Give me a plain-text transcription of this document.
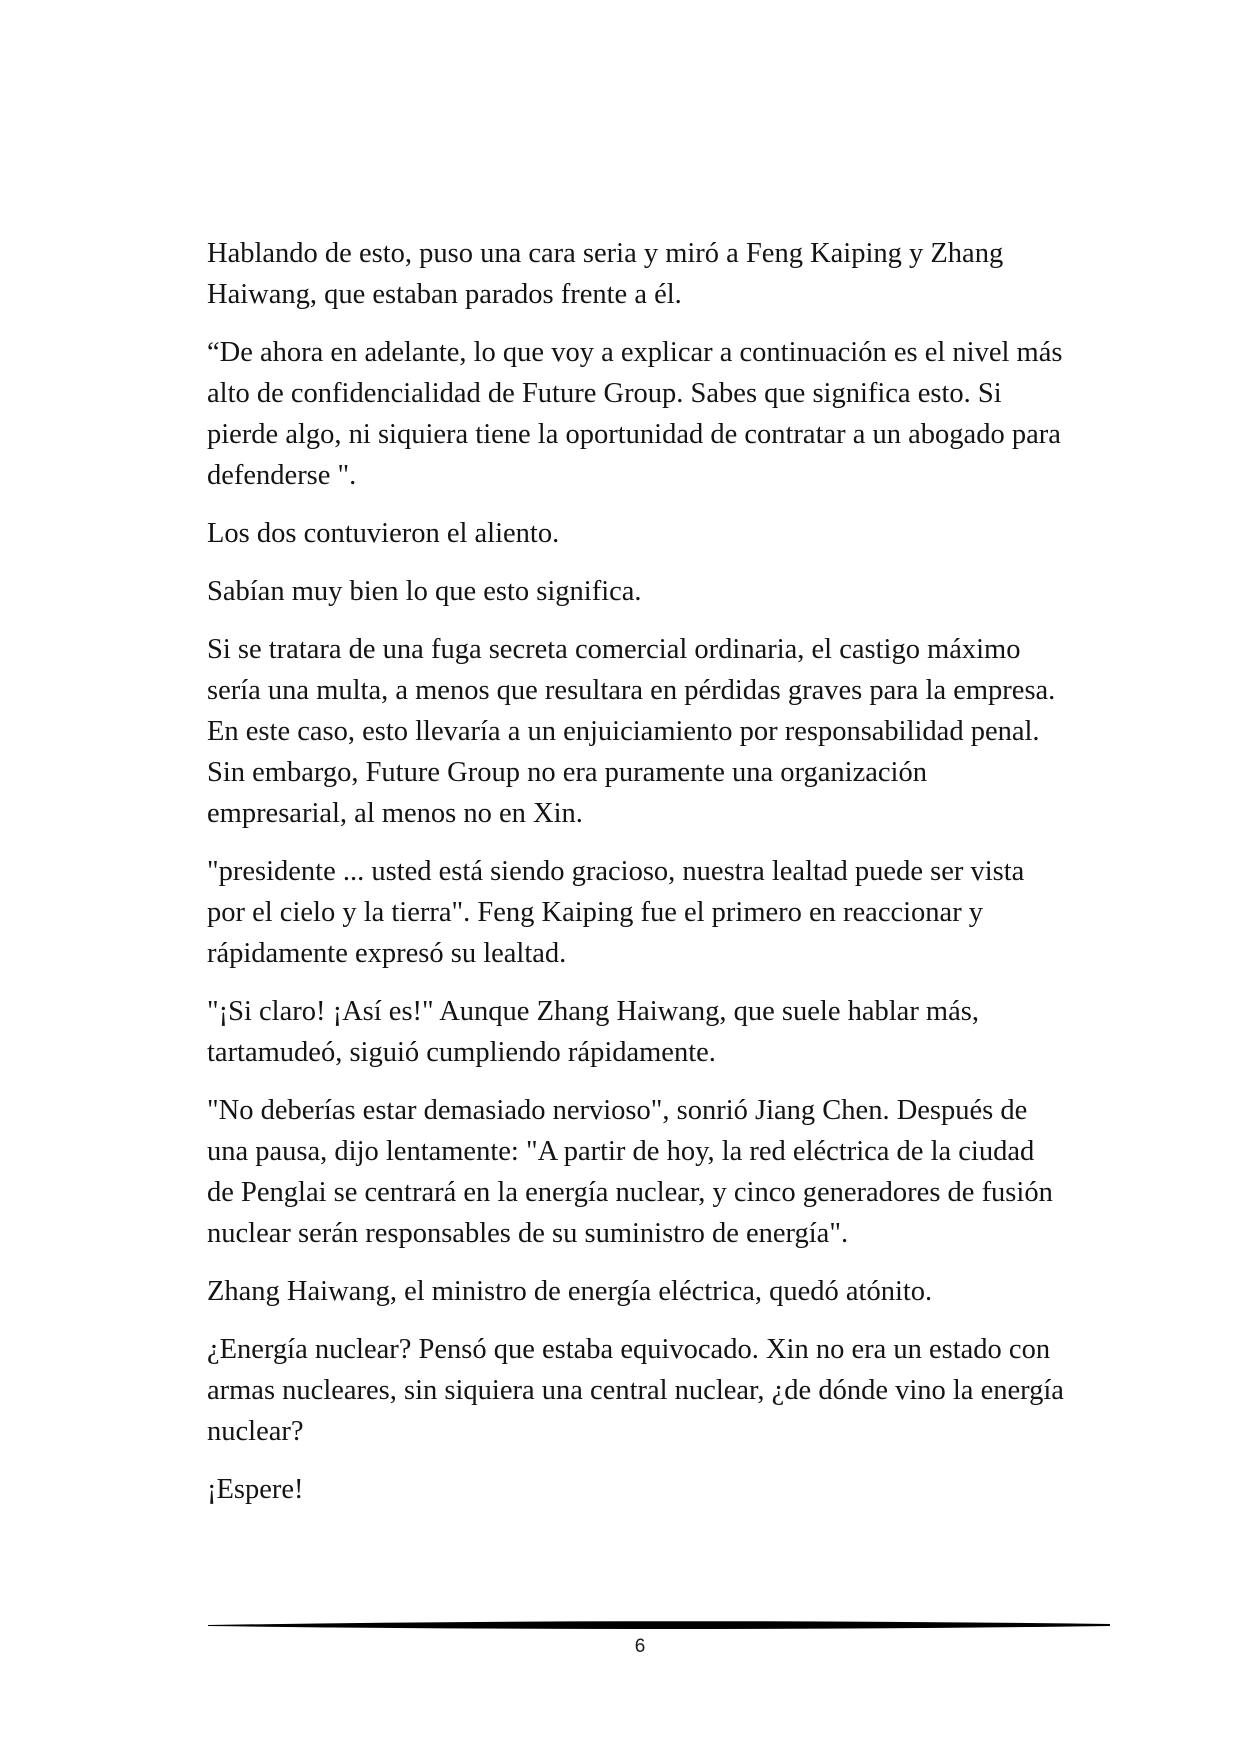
Hablando de esto, puso una cara seria y miró a Feng Kaiping y Zhang Haiwang, que estaban parados frente a él.

“De ahora en adelante, lo que voy a explicar a continuación es el nivel más alto de confidencialidad de Future Group. Sabes que significa esto. Si pierde algo, ni siquiera tiene la oportunidad de contratar a un abogado para defenderse ".

Los dos contuvieron el aliento.

Sabían muy bien lo que esto significa.

Si se tratara de una fuga secreta comercial ordinaria, el castigo máximo sería una multa, a menos que resultara en pérdidas graves para la empresa. En este caso, esto llevaría a un enjuiciamiento por responsabilidad penal. Sin embargo, Future Group no era puramente una organización empresarial, al menos no en Xin.

"presidente ... usted está siendo gracioso, nuestra lealtad puede ser vista por el cielo y la tierra". Feng Kaiping fue el primero en reaccionar y rápidamente expresó su lealtad.

"¡Si claro! ¡Así es!" Aunque Zhang Haiwang, que suele hablar más, tartamudeó, siguió cumpliendo rápidamente.

"No deberías estar demasiado nervioso", sonrió Jiang Chen. Después de una pausa, dijo lentamente: "A partir de hoy, la red eléctrica de la ciudad de Penglai se centrará en la energía nuclear, y cinco generadores de fusión nuclear serán responsables de su suministro de energía".

Zhang Haiwang, el ministro de energía eléctrica, quedó atónito.

¿Energía nuclear? Pensó que estaba equivocado. Xin no era un estado con armas nucleares, sin siquiera una central nuclear, ¿de dónde vino la energía nuclear?

¡Espere!

6
